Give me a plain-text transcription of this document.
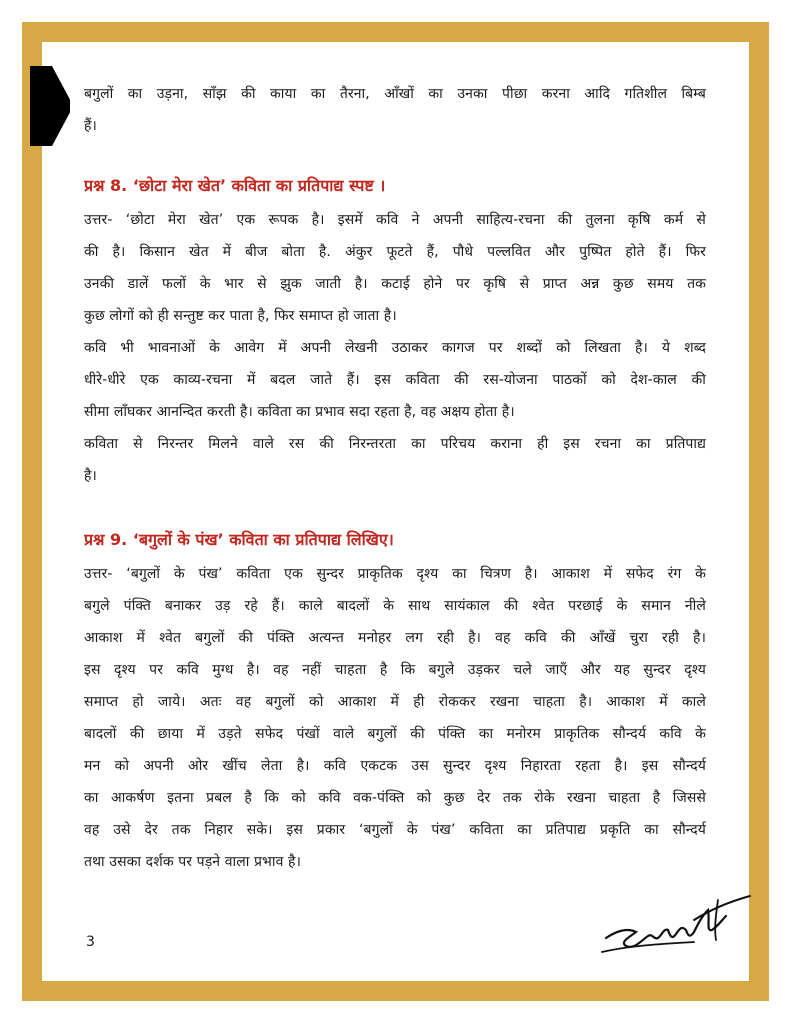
बगुलों का उड़ना, साँझ की काया का तैरना, आँखों का उनका पीछा करना आदि गतिशील बिम्ब
हैं।
प्रश्न 8. ‘छोटा मेरा खेत’ कविता का प्रतिपाद्य स्पष्ट ।
उत्तर- ‘छोटा मेरा खेत’ एक रूपक है। इसमें कवि ने अपनी साहित्य-रचना की तुलना कृषि कर्म से
की है। किसान खेत में बीज बोता है. अंकुर फूटते हैं, पौधे पल्लवित और पुष्पित होते हैं। फिर
उनकी डालें फलों के भार से झुक जाती है। कटाई होने पर कृषि से प्राप्त अन्न कुछ समय तक
कुछ लोगों को ही सन्तुष्ट कर पाता है, फिर समाप्त हो जाता है।
कवि भी भावनाओं के आवेग में अपनी लेखनी उठाकर कागज पर शब्दों को लिखता है। ये शब्द
धीरे-धीरे एक काव्य-रचना में बदल जाते हैं। इस कविता की रस-योजना पाठकों को देश-काल की
सीमा लाँघकर आनन्दित करती है। कविता का प्रभाव सदा रहता है, वह अक्षय होता है।
कविता से निरन्तर मिलने वाले रस की निरन्तरता का परिचय कराना ही इस रचना का प्रतिपाद्य
है।
प्रश्न 9. ‘बगुलों के पंख’ कविता का प्रतिपाद्य लिखिए।
उत्तर- ‘बगुलों के पंख’ कविता एक सुन्दर प्राकृतिक दृश्य का चित्रण है। आकाश में सफेद रंग के
बगुले पंक्ति बनाकर उड़ रहे हैं। काले बादलों के साथ सायंकाल की श्वेत परछाई के समान नीले
आकाश में श्वेत बगुलों की पंक्ति अत्यन्त मनोहर लग रही है। वह कवि की आँखें चुरा रही है।
इस दृश्य पर कवि मुग्ध है। वह नहीं चाहता है कि बगुले उड़कर चले जाएँ और यह सुन्दर दृश्य
समाप्त हो जाये। अतः वह बगुलों को आकाश में ही रोककर रखना चाहता है। आकाश में काले
बादलों की छाया में उड़ते सफेद पंखों वाले बगुलों की पंक्ति का मनोरम प्राकृतिक सौन्दर्य कवि के
मन को अपनी ओर खींच लेता है। कवि एकटक उस सुन्दर दृश्य निहारता रहता है। इस सौन्दर्य
का आकर्षण इतना प्रबल है कि को कवि वक-पंक्ति को कुछ देर तक रोके रखना चाहता है जिससे
वह उसे देर तक निहार सके। इस प्रकार ‘बगुलों के पंख’ कविता का प्रतिपाद्य प्रकृति का सौन्दर्य
तथा उसका दर्शक पर पड़ने वाला प्रभाव है।
3
